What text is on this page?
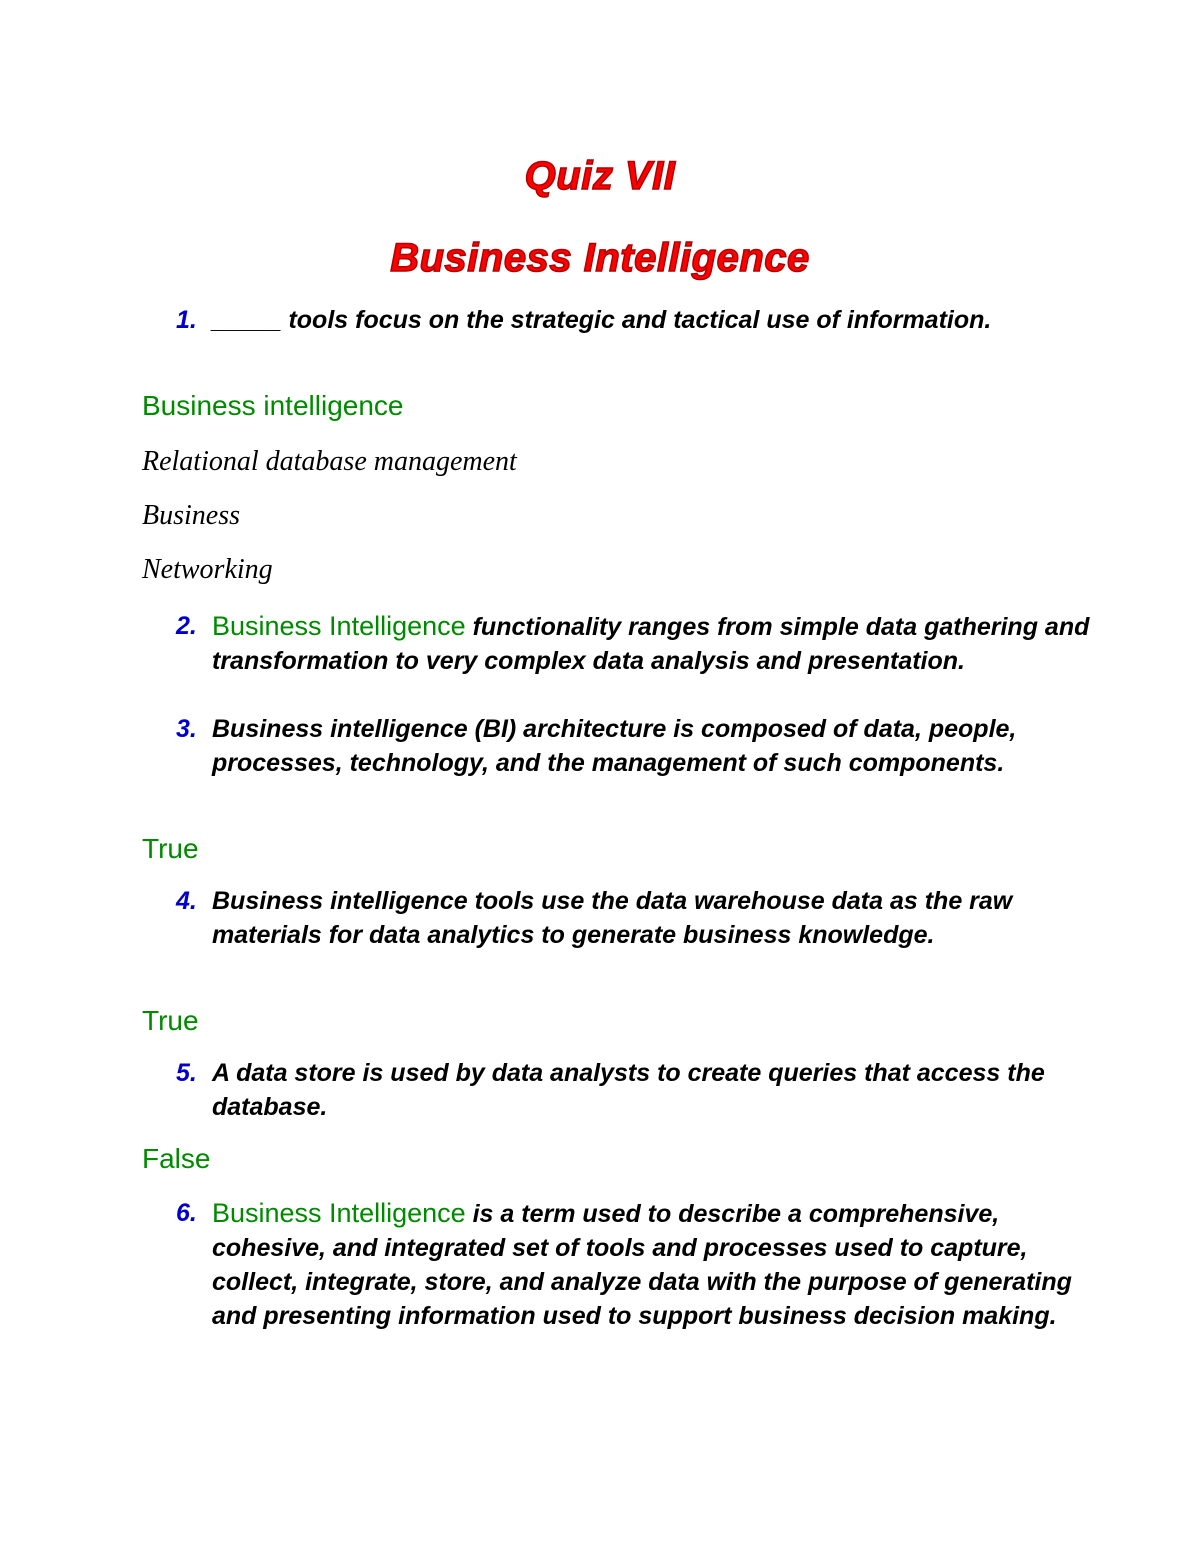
Quiz VII
Business Intelligence
1. _____ tools focus on the strategic and tactical use of information.
Business intelligence
Relational database management
Business
Networking
2. Business Intelligence functionality ranges from simple data gathering and transformation to very complex data analysis and presentation.
3. Business intelligence (BI) architecture is composed of data, people, processes, technology, and the management of such components.
True
4. Business intelligence tools use the data warehouse data as the raw materials for data analytics to generate business knowledge.
True
5. A data store is used by data analysts to create queries that access the database.
False
6. Business Intelligence is a term used to describe a comprehensive, cohesive, and integrated set of tools and processes used to capture, collect, integrate, store, and analyze data with the purpose of generating and presenting information used to support business decision making.
